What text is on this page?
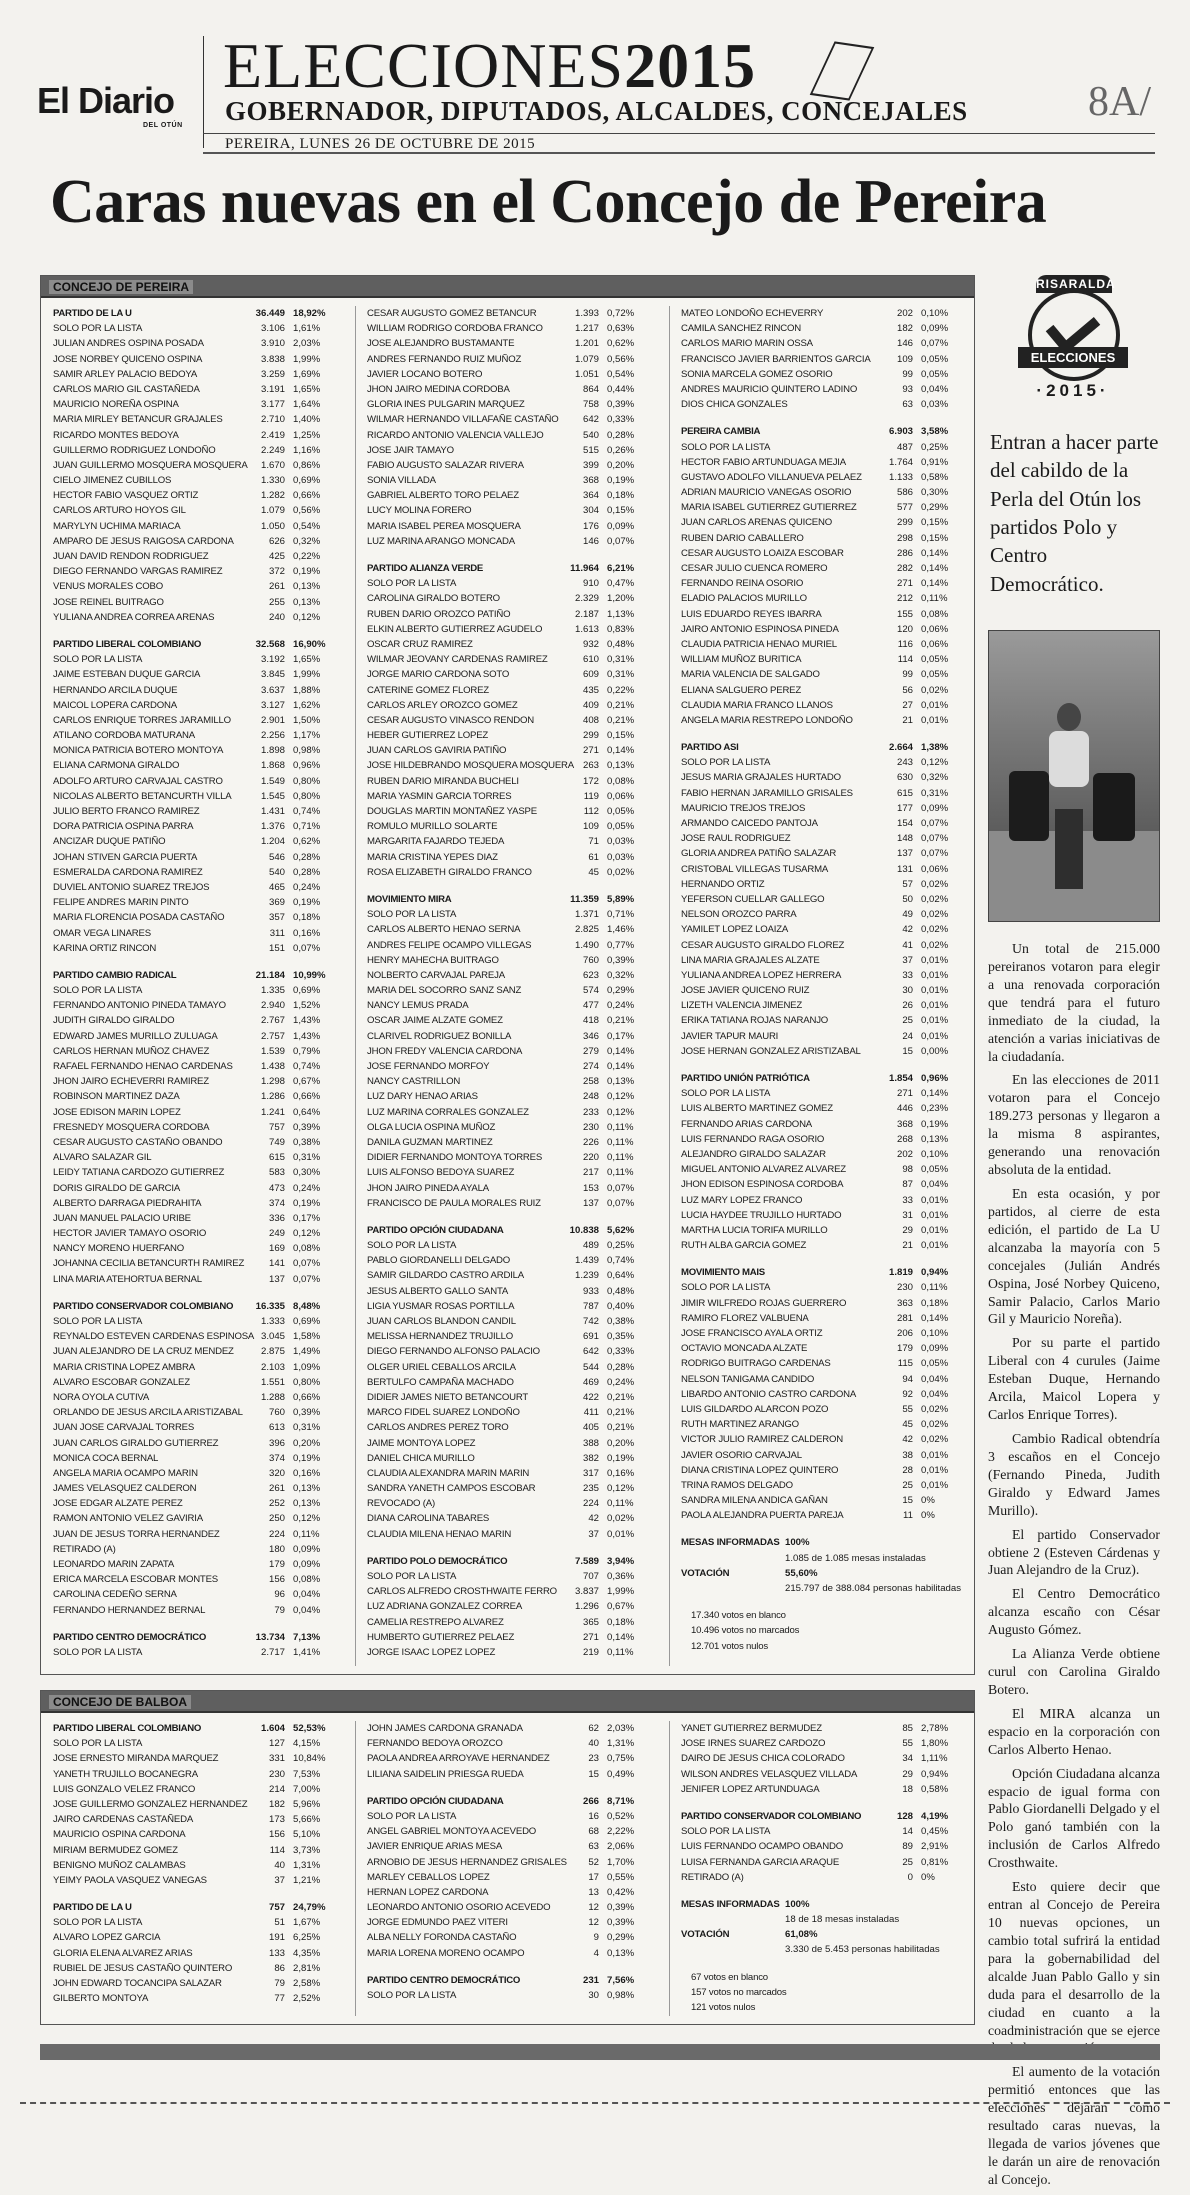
El Diario
DEL OTÚN
ELECCIONES2015
GOBERNADOR, DIPUTADOS, ALCALDES, CONCEJALES
PEREIRA, LUNES 26 DE OCTUBRE DE 2015
8A/
Caras nuevas en el Concejo de Pereira
CONCEJO DE PEREIRA
PARTIDO DE LA U	36.449 18,92%
SOLO POR LA LISTA	3.106 1,61%
JULIAN ANDRES OSPINA POSADA	3.910 2,03%
JOSE NORBEY QUICENO OSPINA	3.838 1,99%
SAMIR ARLEY PALACIO BEDOYA	3.259 1,69%
CARLOS MARIO GIL CASTAÑEDA	3.191 1,65%
MAURICIO NOREÑA OSPINA	3.177 1,64%
MARIA MIRLEY BETANCUR GRAJALES	2.710 1,40%
RICARDO MONTES BEDOYA	2.419 1,25%
GUILLERMO RODRIGUEZ LONDOÑO	2.249 1,16%
JUAN GUILLERMO MOSQUERA MOSQUERA	1.670 0,86%
CIELO JIMENEZ CUBILLOS	1.330 0,69%
HECTOR FABIO VASQUEZ ORTIZ	1.282 0,66%
CARLOS ARTURO HOYOS GIL	1.079 0,56%
MARYLYN UCHIMA MARIACA	1.050 0,54%
AMPARO DE JESUS RAIGOSA CARDONA	626 0,32%
JUAN DAVID RENDON RODRIGUEZ	425 0,22%
DIEGO FERNANDO VARGAS RAMIREZ	372 0,19%
VENUS MORALES COBO	261 0,13%
JOSE REINEL BUITRAGO	255 0,13%
YULIANA ANDREA CORREA ARENAS	240 0,12%
PARTIDO LIBERAL COLOMBIANO	32.568 16,90%
SOLO POR LA LISTA	3.192 1,65%
JAIME ESTEBAN DUQUE GARCIA	3.845 1,99%
HERNANDO ARCILA DUQUE	3.637 1,88%
MAICOL LOPERA CARDONA	3.127 1,62%
CARLOS ENRIQUE TORRES JARAMILLO	2.901 1,50%
ATILANO CORDOBA MATURANA	2.256 1,17%
MONICA PATRICIA BOTERO MONTOYA	1.898 0,98%
ELIANA CARMONA GIRALDO	1.868 0,96%
ADOLFO ARTURO CARVAJAL CASTRO	1.549 0,80%
NICOLAS ALBERTO BETANCURTH VILLA	1.545 0,80%
JULIO BERTO FRANCO RAMIREZ	1.431 0,74%
DORA PATRICIA OSPINA PARRA	1.376 0,71%
ANCIZAR DUQUE PATIÑO	1.204 0,62%
JOHAN STIVEN GARCIA PUERTA	546 0,28%
ESMERALDA CARDONA RAMIREZ	540 0,28%
DUVIEL ANTONIO SUAREZ TREJOS	465 0,24%
FELIPE ANDRES MARIN PINTO	369 0,19%
MARIA FLORENCIA POSADA CASTAÑO	357 0,18%
OMAR VEGA LINARES	311 0,16%
KARINA ORTIZ RINCON	151 0,07%
PARTIDO CAMBIO RADICAL	21.184 10,99%
SOLO POR LA LISTA	1.335 0,69%
FERNANDO ANTONIO PINEDA TAMAYO	2.940 1,52%
JUDITH GIRALDO GIRALDO	2.767 1,43%
EDWARD JAMES MURILLO ZULUAGA	2.757 1,43%
CARLOS HERNAN MUÑOZ CHAVEZ	1.539 0,79%
RAFAEL FERNANDO HENAO CARDENAS	1.438 0,74%
JHON JAIRO ECHEVERRI RAMIREZ	1.298 0,67%
ROBINSON MARTINEZ DAZA	1.286 0,66%
JOSE EDISON MARIN LOPEZ	1.241 0,64%
FRESNEDY MOSQUERA CORDOBA	757 0,39%
CESAR AUGUSTO CASTAÑO OBANDO	749 0,38%
ALVARO SALAZAR GIL	615 0,31%
LEIDY TATIANA CARDOZO GUTIERREZ	583 0,30%
DORIS GIRALDO DE GARCIA	473 0,24%
ALBERTO DARRAGA PIEDRAHITA	374 0,19%
JUAN MANUEL PALACIO URIBE	336 0,17%
HECTOR JAVIER TAMAYO OSORIO	249 0,12%
NANCY MORENO HUERFANO	169 0,08%
JOHANNA CECILIA BETANCURTH RAMIREZ	141 0,07%
LINA MARIA ATEHORTUA BERNAL	137 0,07%
PARTIDO CONSERVADOR COLOMBIANO	16.335 8,48%
SOLO POR LA LISTA	1.333 0,69%
REYNALDO ESTEVEN CARDENAS ESPINOSA 3.045 1,58%
JUAN ALEJANDRO DE LA CRUZ MENDEZ	2.875 1,49%
MARIA CRISTINA LOPEZ AMBRA	2.103 1,09%
ALVARO ESCOBAR GONZALEZ	1.551 0,80%
NORA OYOLA CUTIVA	1.288 0,66%
ORLANDO DE JESUS ARCILA ARISTIZABAL	760 0,39%
JUAN JOSE CARVAJAL TORRES	613 0,31%
JUAN CARLOS GIRALDO GUTIERREZ	396 0,20%
MONICA COCA BERNAL	374 0,19%
ANGELA MARIA OCAMPO MARIN	320 0,16%
JAMES VELASQUEZ CALDERON	261 0,13%
JOSE EDGAR ALZATE PEREZ	252 0,13%
RAMON ANTONIO VELEZ GAVIRIA	250 0,12%
JUAN DE JESUS TORRA HERNANDEZ	224 0,11%
RETIRADO (A)	180 0,09%
LEONARDO MARIN ZAPATA	179 0,09%
ERICA MARCELA ESCOBAR MONTES	156 0,08%
CAROLINA CEDEÑO SERNA	96 0,04%
FERNANDO HERNANDEZ BERNAL	79 0,04%
PARTIDO CENTRO DEMOCRÁTICO	13.734 7,13%
SOLO POR LA LISTA	2.717 1,41%
CESAR AUGUSTO GOMEZ BETANCUR	1.393 0,72%
WILLIAM RODRIGO CORDOBA FRANCO	1.217 0,63%
JOSE ALEJANDRO BUSTAMANTE	1.201 0,62%
ANDRES FERNANDO RUIZ MUÑOZ	1.079 0,56%
JAVIER LOCANO BOTERO	1.051 0,54%
JHON JAIRO MEDINA CORDOBA	864 0,44%
GLORIA INES PULGARIN MARQUEZ	758 0,39%
WILMAR HERNANDO VILLAFAÑE CASTAÑO	642 0,33%
RICARDO ANTONIO VALENCIA VALLEJO	540 0,28%
JOSE JAIR TAMAYO	515 0,26%
FABIO AUGUSTO SALAZAR RIVERA	399 0,20%
SONIA VILLADA	368 0,19%
GABRIEL ALBERTO TORO PELAEZ	364 0,18%
LUCY MOLINA FORERO	304 0,15%
MARIA ISABEL PEREA MOSQUERA	176 0,09%
LUZ MARINA ARANGO MONCADA	146 0,07%
PARTIDO ALIANZA VERDE	11.964 6,21%
SOLO POR LA LISTA	910 0,47%
CAROLINA GIRALDO BOTERO	2.329 1,20%
RUBEN DARIO OROZCO PATIÑO	2.187 1,13%
ELKIN ALBERTO GUTIERREZ AGUDELO	1.613 0,83%
OSCAR CRUZ RAMIREZ	932 0,48%
WILMAR JEOVANY CARDENAS RAMIREZ	610 0,31%
JORGE MARIO CARDONA SOTO	609 0,31%
CATERINE GOMEZ FLOREZ	435 0,22%
CARLOS ARLEY OROZCO GOMEZ	409 0,21%
CESAR AUGUSTO VINASCO RENDON	408 0,21%
HEBER GUTIERREZ LOPEZ	299 0,15%
JUAN CARLOS GAVIRIA PATIÑO	271 0,14%
JOSE HILDEBRANDO MOSQUERA MOSQUERA 263 0,13%
RUBEN DARIO MIRANDA BUCHELI	172 0,08%
MARIA YASMIN GARCIA TORRES	119 0,06%
DOUGLAS MARTIN MONTAÑEZ YASPE	112 0,05%
ROMULO MURILLO SOLARTE	109 0,05%
MARGARITA FAJARDO TEJEDA	71 0,03%
MARIA CRISTINA YEPES DIAZ	61 0,03%
ROSA ELIZABETH GIRALDO FRANCO	45 0,02%
MOVIMIENTO MIRA	11.359 5,89%
SOLO POR LA LISTA	1.371 0,71%
CARLOS ALBERTO HENAO SERNA	2.825 1,46%
ANDRES FELIPE OCAMPO VILLEGAS	1.490 0,77%
HENRY MAHECHA BUITRAGO	760 0,39%
NOLBERTO CARVAJAL PAREJA	623 0,32%
MARIA DEL SOCORRO SANZ SANZ	574 0,29%
NANCY LEMUS PRADA	477 0,24%
OSCAR JAIME ALZATE GOMEZ	418 0,21%
CLARIVEL RODRIGUEZ BONILLA	346 0,17%
JHON FREDY VALENCIA CARDONA	279 0,14%
JOSE FERNANDO MORFOY	274 0,14%
NANCY CASTRILLON	258 0,13%
LUZ DARY HENAO ARIAS	248 0,12%
LUZ MARINA CORRALES GONZALEZ	233 0,12%
OLGA LUCIA OSPINA MUÑOZ	230 0,11%
DANILA GUZMAN MARTINEZ	226 0,11%
DIDIER FERNANDO MONTOYA TORRES	220 0,11%
LUIS ALFONSO BEDOYA SUAREZ	217 0,11%
JHON JAIRO PINEDA AYALA	153 0,07%
FRANCISCO DE PAULA MORALES RUIZ	137 0,07%
PARTIDO OPCIÓN CIUDADANA	10.838 5,62%
SOLO POR LA LISTA	489 0,25%
PABLO GIORDANELLI DELGADO	1.439 0,74%
SAMIR GILDARDO CASTRO ARDILA	1.239 0,64%
JESUS ALBERTO GALLO SANTA	933 0,48%
LIGIA YUSMAR ROSAS PORTILLA	787 0,40%
JUAN CARLOS BLANDON CANDIL	742 0,38%
MELISSA HERNANDEZ TRUJILLO	691 0,35%
DIEGO FERNANDO ALFONSO PALACIO	642 0,33%
OLGER URIEL CEBALLOS ARCILA	544 0,28%
BERTULFO CAMPAÑA MACHADO	469 0,24%
DIDIER JAMES NIETO BETANCOURT	422 0,21%
MARCO FIDEL SUAREZ LONDOÑO	411 0,21%
CARLOS ANDRES PEREZ TORO	405 0,21%
JAIME MONTOYA LOPEZ	388 0,20%
DANIEL CHICA MURILLO	382 0,19%
CLAUDIA ALEXANDRA MARIN MARIN	317 0,16%
SANDRA YANETH CAMPOS ESCOBAR	235 0,12%
REVOCADO (A)	224 0,11%
DIANA CAROLINA TABARES	42 0,02%
CLAUDIA MILENA HENAO MARIN	37 0,01%
PARTIDO POLO DEMOCRÁTICO	7.589 3,94%
SOLO POR LA LISTA	707 0,36%
CARLOS ALFREDO CROSTHWAITE FERRO	3.837 1,99%
LUZ ADRIANA GONZALEZ CORREA	1.296 0,67%
CAMELIA RESTREPO ALVAREZ	365 0,18%
HUMBERTO GUTIERREZ PELAEZ	271 0,14%
JORGE ISAAC LOPEZ LOPEZ	219 0,11%
MATEO LONDOÑO ECHEVERRY	202 0,10%
CAMILA SANCHEZ RINCON	182 0,09%
CARLOS MARIO MARIN OSSA	146 0,07%
FRANCISCO JAVIER BARRIENTOS GARCIA	109 0,05%
SONIA MARCELA GOMEZ OSORIO	99 0,05%
ANDRES MAURICIO QUINTERO LADINO	93 0,04%
DIOS CHICA GONZALES	63 0,03%
PEREIRA CAMBIA	6.903 3,58%
SOLO POR LA LISTA	487 0,25%
HECTOR FABIO ARTUNDUAGA MEJIA	1.764 0,91%
GUSTAVO ADOLFO VILLANUEVA PELAEZ	1.133 0,58%
ADRIAN MAURICIO VANEGAS OSORIO	586 0,30%
MARIA ISABEL GUTIERREZ GUTIERREZ	577 0,29%
JUAN CARLOS ARENAS QUICENO	299 0,15%
RUBEN DARIO CABALLERO	298 0,15%
CESAR AUGUSTO LOAIZA ESCOBAR	286 0,14%
CESAR JULIO CUENCA ROMERO	282 0,14%
FERNANDO REINA OSORIO	271 0,14%
ELADIO PALACIOS MURILLO	212 0,11%
LUIS EDUARDO REYES IBARRA	155 0,08%
JAIRO ANTONIO ESPINOSA PINEDA	120 0,06%
CLAUDIA PATRICIA HENAO MURIEL	116 0,06%
WILLIAM MUÑOZ BURITICA	114 0,05%
MARIA VALENCIA DE SALGADO	99 0,05%
ELIANA SALGUERO PEREZ	56 0,02%
CLAUDIA MARIA FRANCO LLANOS	27 0,01%
ANGELA MARIA RESTREPO LONDOÑO	21 0,01%
PARTIDO ASI	2.664 1,38%
SOLO POR LA LISTA	243 0,12%
JESUS MARIA GRAJALES HURTADO	630 0,32%
FABIO HERNAN JARAMILLO GRISALES	615 0,31%
MAURICIO TREJOS TREJOS	177 0,09%
ARMANDO CAICEDO PANTOJA	154 0,07%
JOSE RAUL RODRIGUEZ	148 0,07%
GLORIA ANDREA PATIÑO SALAZAR	137 0,07%
CRISTOBAL VILLEGAS TUSARMA	131 0,06%
HERNANDO ORTIZ	57 0,02%
YEFERSON CUELLAR GALLEGO	50 0,02%
NELSON OROZCO PARRA	49 0,02%
YAMILET LOPEZ LOAIZA	42 0,02%
CESAR AUGUSTO GIRALDO FLOREZ	41 0,02%
LINA MARIA GRAJALES ALZATE	37 0,01%
YULIANA ANDREA LOPEZ HERRERA	33 0,01%
JOSE JAVIER QUICENO RUIZ	30 0,01%
LIZETH VALENCIA JIMENEZ	26 0,01%
ERIKA TATIANA ROJAS NARANJO	25 0,01%
JAVIER TAPUR MAURI	24 0,01%
JOSE HERNAN GONZALEZ ARISTIZABAL	15 0,00%
PARTIDO UNIÓN PATRIÓTICA	1.854 0,96%
SOLO POR LA LISTA	271 0,14%
LUIS ALBERTO MARTINEZ GOMEZ	446 0,23%
FERNANDO ARIAS CARDONA	368 0,19%
LUIS FERNANDO RAGA OSORIO	268 0,13%
ALEJANDRO GIRALDO SALAZAR	202 0,10%
MIGUEL ANTONIO ALVAREZ ALVAREZ	98 0,05%
JHON EDISON ESPINOSA CORDOBA	87 0,04%
LUZ MARY LOPEZ FRANCO	33 0,01%
LUCIA HAYDEE TRUJILLO HURTADO	31 0,01%
MARTHA LUCIA TORIFA MURILLO	29 0,01%
RUTH ALBA GARCIA GOMEZ	21 0,01%
MOVIMIENTO MAIS	1.819 0,94%
SOLO POR LA LISTA	230 0,11%
JIMIR WILFREDO ROJAS GUERRERO	363 0,18%
RAMIRO FLOREZ VALBUENA	281 0,14%
JOSE FRANCISCO AYALA ORTIZ	206 0,10%
OCTAVIO MONCADA ALZATE	179 0,09%
RODRIGO BUITRAGO CARDENAS	115 0,05%
NELSON TANIGAMA CANDIDO	94 0,04%
LIBARDO ANTONIO CASTRO CARDONA	92 0,04%
LUIS GILDARDO ALARCON POZO	55 0,02%
RUTH MARTINEZ ARANGO	45 0,02%
VICTOR JULIO RAMIREZ CALDERON	42 0,02%
JAVIER OSORIO CARVAJAL	38 0,01%
DIANA CRISTINA LOPEZ QUINTERO	28 0,01%
TRINA RAMOS DELGADO	25 0,01%
SANDRA MILENA ANDICA GAÑAN	15 0%
PAOLA ALEJANDRA PUERTA PAREJA	11 0%
MESAS INFORMADAS 100%
1.085 de 1.085 mesas instaladas
VOTACIÓN	55,60%
215.797 de 388.084 personas habilitadas
17.340 votos en blanco
10.496 votos no marcados
12.701 votos nulos
CONCEJO DE BALBOA
PARTIDO LIBERAL COLOMBIANO	1.604 52,53%
SOLO POR LA LISTA	127 4,15%
JOSE ERNESTO MIRANDA MARQUEZ	331 10,84%
YANETH TRUJILLO BOCANEGRA	230 7,53%
LUIS GONZALO VELEZ FRANCO	214 7,00%
JOSE GUILLERMO GONZALEZ HERNANDEZ	182 5,96%
JAIRO CARDENAS CASTAÑEDA	173 5,66%
MAURICIO OSPINA CARDONA	156 5,10%
MIRIAM BERMUDEZ GOMEZ	114 3,73%
BENIGNO MUÑOZ CALAMBAS	40 1,31%
YEIMY PAOLA VASQUEZ VANEGAS	37 1,21%
PARTIDO DE LA U	757 24,79%
SOLO POR LA LISTA	51 1,67%
ALVARO LOPEZ GARCIA	191 6,25%
GLORIA ELENA ALVAREZ ARIAS	133 4,35%
RUBIEL DE JESUS CASTAÑO QUINTERO	86 2,81%
JOHN EDWARD TOCANCIPA SALAZAR	79 2,58%
GILBERTO MONTOYA	77 2,52%
JOHN JAMES CARDONA GRANADA	62 2,03%
FERNANDO BEDOYA OROZCO	40 1,31%
PAOLA ANDREA ARROYAVE HERNANDEZ	23 0,75%
LILIANA SAIDELIN PRIESGA RUEDA	15 0,49%
PARTIDO OPCIÓN CIUDADANA	266 8,71%
SOLO POR LA LISTA	16 0,52%
ANGEL GABRIEL MONTOYA ACEVEDO	68 2,22%
JAVIER ENRIQUE ARIAS MESA	63 2,06%
ARNOBIO DE JESUS HERNANDEZ GRISALES	52 1,70%
MARLEY CEBALLOS LOPEZ	17 0,55%
HERNAN LOPEZ CARDONA	13 0,42%
LEONARDO ANTONIO OSORIO ACEVEDO	12 0,39%
JORGE EDMUNDO PAEZ VITERI	12 0,39%
ALBA NELLY FORONDA CASTAÑO	9 0,29%
MARIA LORENA MORENO OCAMPO	4 0,13%
PARTIDO CENTRO DEMOCRÁTICO	231 7,56%
SOLO POR LA LISTA	30 0,98%
YANET GUTIERREZ BERMUDEZ	85 2,78%
JOSE IRNES SUAREZ CARDOZO	55 1,80%
DAIRO DE JESUS CHICA COLORADO	34 1,11%
WILSON ANDRES VELASQUEZ VILLADA	29 0,94%
JENIFER LOPEZ ARTUNDUAGA	18 0,58%
PARTIDO CONSERVADOR COLOMBIANO	128 4,19%
SOLO POR LA LISTA	14 0,45%
LUIS FERNANDO OCAMPO OBANDO	89 2,91%
LUISA FERNANDA GARCIA ARAQUE	25 0,81%
RETIRADO (A)	0 0%
MESAS INFORMADAS 100%
18 de 18 mesas instaladas
VOTACIÓN	61,08%
3.330 de 5.453 personas habilitadas
67 votos en blanco
157 votos no marcados
121 votos nulos
RISARALDA
ELECCIONES
·2015·
Entran a hacer parte del cabildo de la Perla del Otún los partidos Polo y Centro Democrático.

Un total de 215.000 pereiranos votaron para elegir a una renovada corporación que tendrá para el futuro inmediato de la ciudad, la atención a varias iniciativas de la ciudadanía.

En las elecciones de 2011 votaron para el Concejo 189.273 personas y llegaron a la misma 8 aspirantes, generando una renovación absoluta de la entidad.

En esta ocasión, y por partidos, al cierre de esta edición, el partido de La U alcanzaba la mayoría con 5 concejales (Julián Andrés Ospina, José Norbey Quiceno, Samir Palacio, Carlos Mario Gil y Mauricio Noreña).

Por su parte el partido Liberal con 4 curules (Jaime Esteban Duque, Hernando Arcila, Maicol Lopera y Carlos Enrique Torres).

Cambio Radical obtendría 3 escaños en el Concejo (Fernando Pineda, Judith Giraldo y Edward James Murillo).

El partido Conservador obtiene 2 (Esteven Cárdenas y Juan Alejandro de la Cruz).

El Centro Democrático alcanza escaño con César Augusto Gómez.

La Alianza Verde obtiene curul con Carolina Giraldo Botero.

El MIRA alcanza un espacio en la corporación con Carlos Alberto Henao.

Opción Ciudadana alcanza espacio de igual forma con Pablo Giordanelli Delgado y el Polo ganó también con la inclusión de Carlos Alfredo Crosthwaite.

Esto quiere decir que entran al Concejo de Pereira 10 nuevas opciones, un cambio total sufrirá la entidad para la gobernabilidad del alcalde Juan Pablo Gallo y sin duda para el desarrollo de la ciudad en cuanto a la coadministración que se ejerce

El aumento de la votación permitió entonces que las elecciones dejaran como resultado caras nuevas, la llegada de varios jóvenes que le darán un aire de renovación al Concejo.
